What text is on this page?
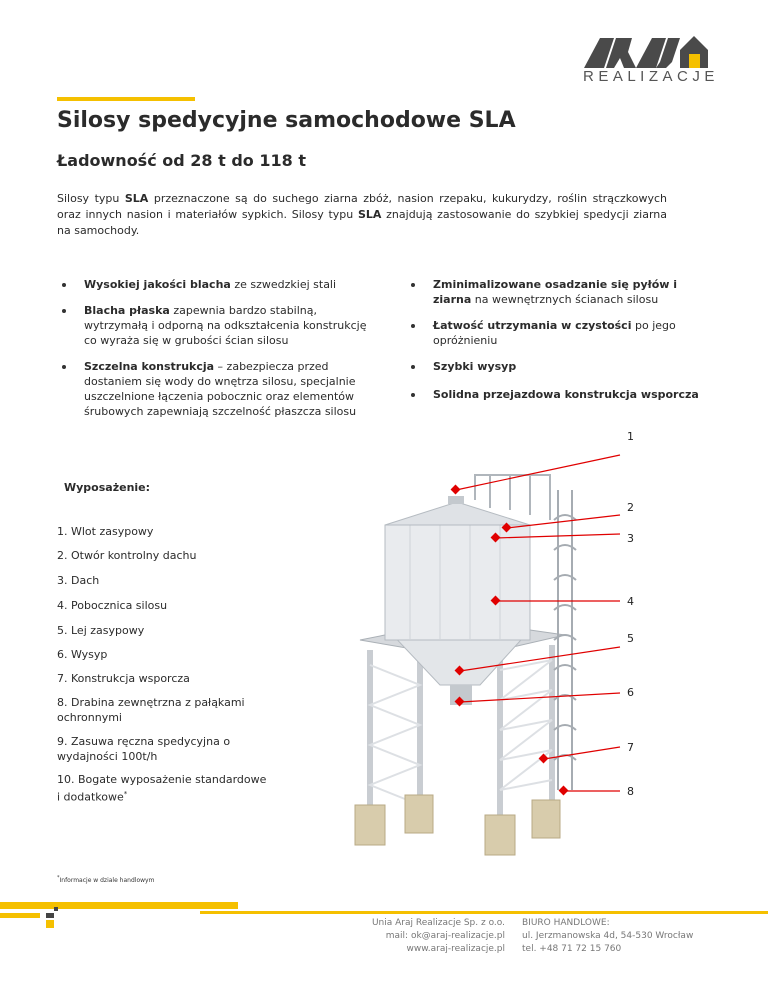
REALIZACJE
Silosy spedycyjne samochodowe SLA
Ładowność od 28 t do 118 t
Silosy typu SLA przeznaczone są do suchego ziarna zbóż, nasion rzepaku, kukurydzy, roślin strączkowych oraz innych nasion i materiałów sypkich. Silosy typu SLA znajdują zastosowanie do szybkiej spedycji ziarna na samochody.
Wysokiej jakości blacha ze szwedzkiej stali
Blacha płaska zapewnia bardzo stabilną, wytrzymałą i odporną na odkształcenia konstrukcję co wyraża się w grubości ścian silosu
Szczelna konstrukcja – zabezpiecza przed dostaniem się wody do wnętrza silosu, specjalnie uszczelnione łączenia pobocznic oraz elementów śrubowych zapewniają szczelność płaszcza silosu
Zminimalizowane osadzanie się pyłów i ziarna na wewnętrznych ścianach silosu
Łatwość utrzymania w czystości po jego opróżnieniu
Szybki wysyp
Solidna przejazdowa konstrukcja wsporcza
Wyposażenie:
1. Wlot zasypowy
2. Otwór kontrolny dachu
3. Dach
4. Pobocznica silosu
5. Lej zasypowy
6. Wysyp
7. Konstrukcja wsporcza
8. Drabina zewnętrzna z pałąkami ochronnymi
9. Zasuwa ręczna spedycyjna o wydajności 100t/h
10. Bogate wyposażenie standardowe i dodatkowe*
1
2
3
4
5
6
7
8
*Informacje w dziale handlowym
Unia Araj Realizacje Sp. z o.o.
mail: ok@araj-realizacje.pl
www.araj-realizacje.pl
BIURO HANDLOWE:
ul. Jerzmanowska 4d, 54-530 Wrocław
tel. +48 71 72 15 760
